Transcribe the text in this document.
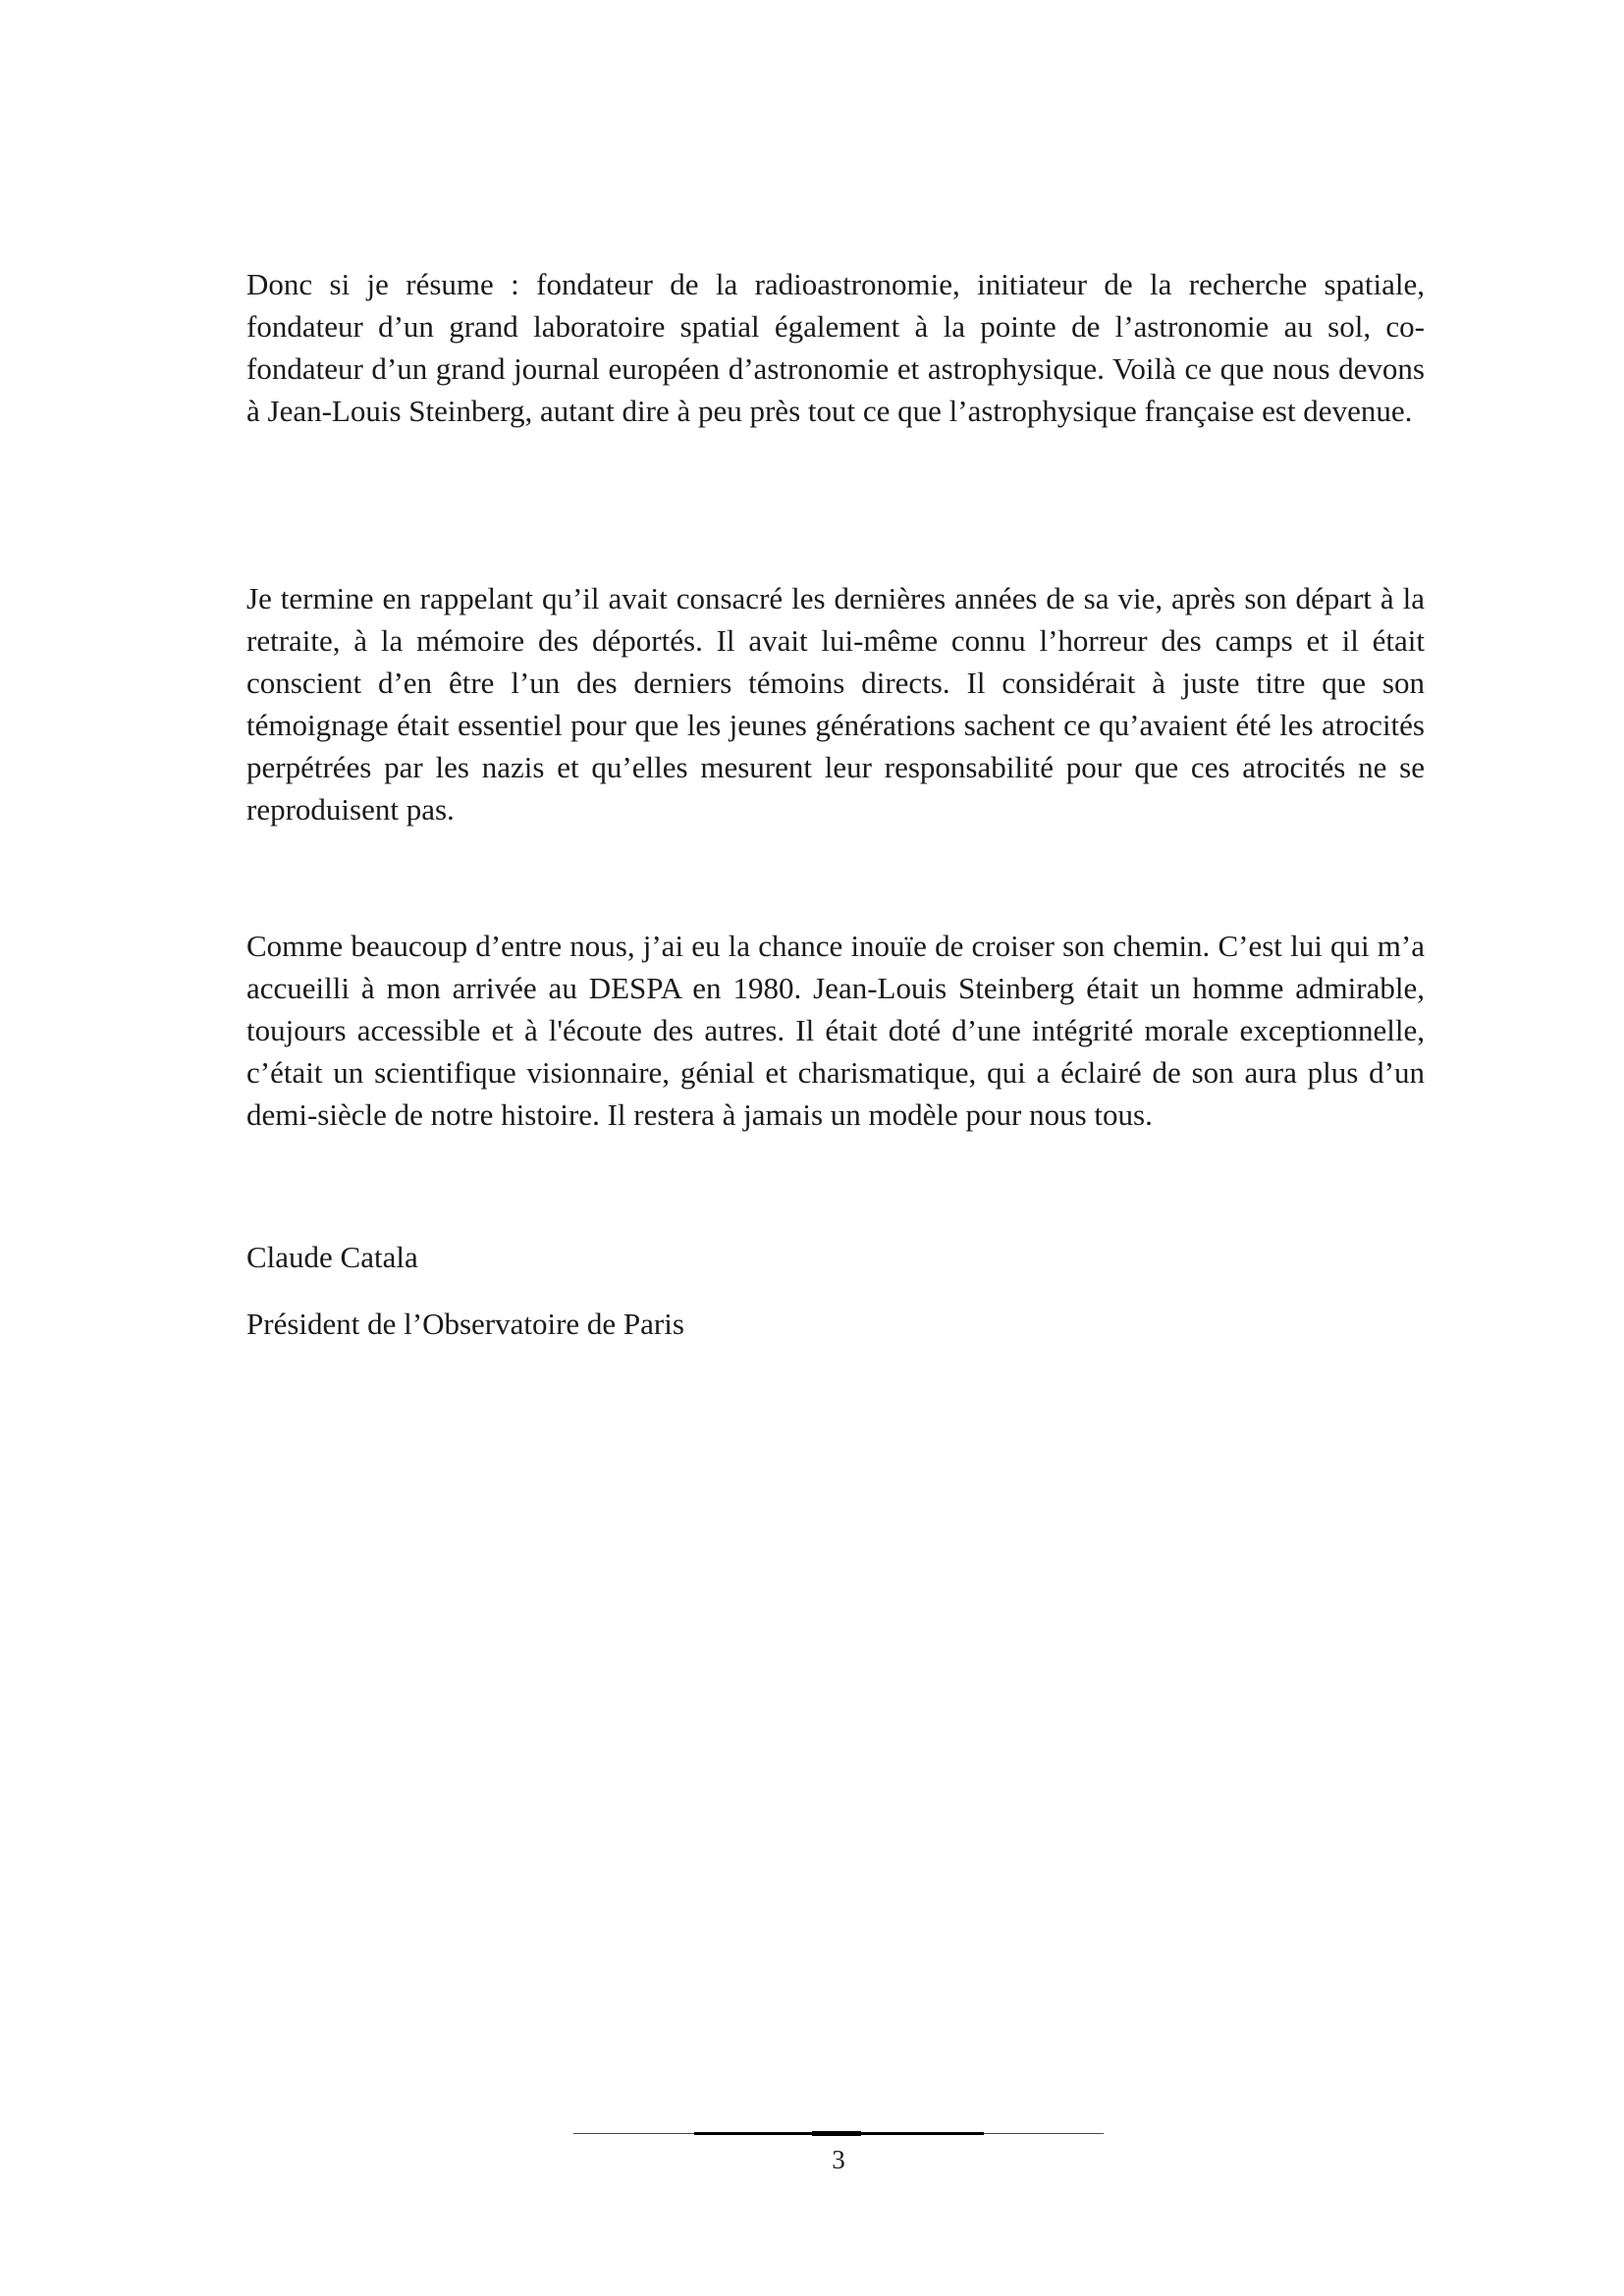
Donc si je résume : fondateur de la radioastronomie, initiateur de la recherche spatiale, fondateur d’un grand laboratoire spatial également à la pointe de l’astronomie au sol, co-fondateur d’un grand journal européen d’astronomie et astrophysique. Voilà ce que nous devons à Jean-Louis Steinberg, autant dire à peu près tout ce que l’astrophysique française est devenue.

Je termine en rappelant qu’il avait consacré les dernières années de sa vie, après son départ à la retraite, à la mémoire des déportés. Il avait lui-même connu l’horreur des camps et il était conscient d’en être l’un des derniers témoins directs. Il considérait à juste titre que son témoignage était essentiel pour que les jeunes générations sachent ce qu’avaient été les atrocités perpétrées par les nazis et qu’elles mesurent leur responsabilité pour que ces atrocités ne se reproduisent pas.

Comme beaucoup d’entre nous, j’ai eu la chance inouïe de croiser son chemin. C’est lui qui m’a accueilli à mon arrivée au DESPA en 1980. Jean-Louis Steinberg était un homme admirable, toujours accessible et à l'écoute des autres. Il était doté d’une intégrité morale exceptionnelle, c’était un scientifique visionnaire, génial et charismatique, qui a éclairé de son aura plus d’un demi-siècle de notre histoire. Il restera à jamais un modèle pour nous tous.

Claude Catala

Président de l’Observatoire de Paris

3
